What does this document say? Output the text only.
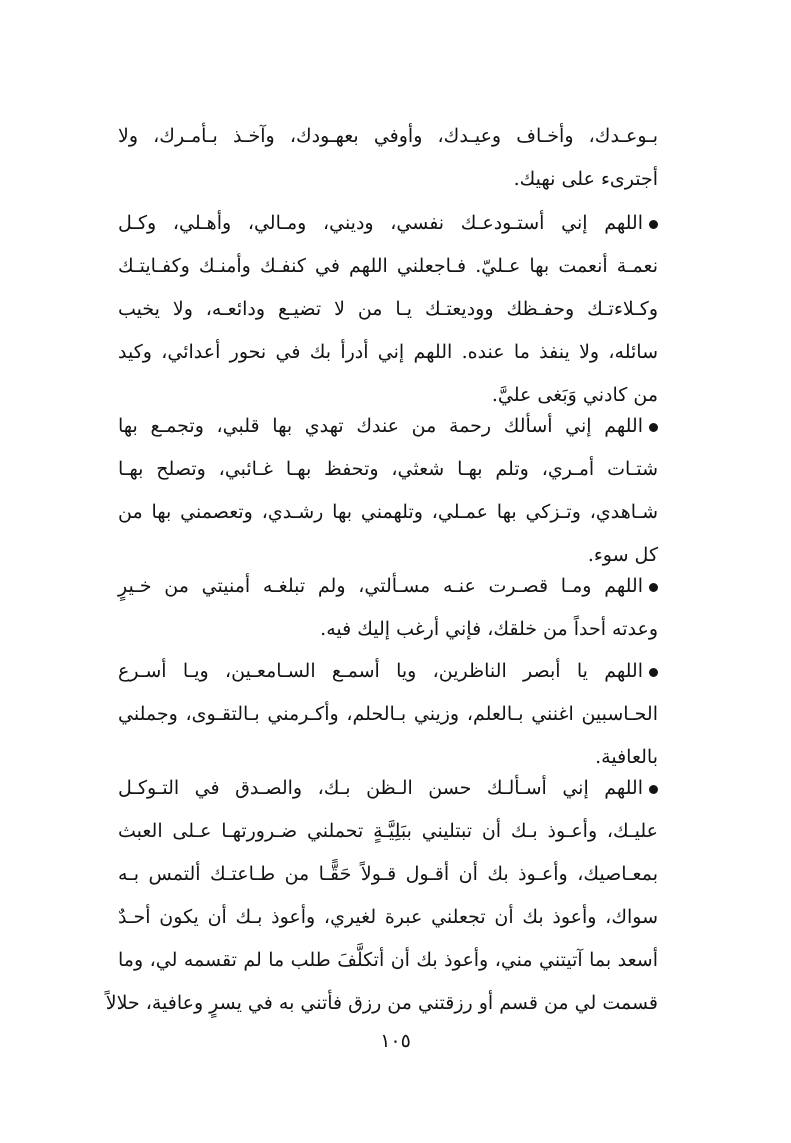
بـوعـدك، وأخـاف وعيـدك، وأوفي بعهـودك، وآخـذ بـأمـرك، ولا
أجترىء على نهيك.
اللهم إني أستـودعـك نفسي، وديني، ومـالي، وأهـلي، وكـل
نعمـة أنعمت بها عـليّ. فـاجعلني اللهم في كنفـك وأمنـك وكفـايتـك
وكـلاءتـك وحفـظك ووديعتـك يـا من لا تضيـع ودائعـه، ولا يخيب
سائله، ولا ينفذ ما عنده. اللهم إني أدرأ بك في نحور أعدائي، وكيد
من كادني وَبَغى عليَّ.
اللهم إني أسألك رحمة من عندك تهدي بها قلبي، وتجمـع بها
شتـات أمـري، وتلم بهـا شعثي، وتحفظ بهـا غـائبي، وتصلح بهـا
شـاهدي، وتـزكي بها عمـلي، وتلهمني بها رشـدي، وتعصمني بها من
كل سوء.
اللهم ومـا قصـرت عنـه مسـألتي، ولم تبلغـه أمنيتي من خـيرٍ
وعدته أحداً من خلقك، فإني أرغب إليك فيه.
اللهم يا أبصر الناظرين، ويا أسمـع السـامعـين، ويـا أسـرع
الحـاسبين اغنني بـالعلم، وزيني بـالحلم، وأكـرمني بـالتقـوى، وجملني
بالعافية.
اللهم إني أسـألـك حسن الـظن بـك، والصـدق في التـوكـل
عليـك، وأعـوذ بـك أن تبتليني ببَلِيَّـةٍ تحملني ضـرورتهـا عـلى العبث
بمعـاصيك، وأعـوذ بك أن أقـول قـولاً حَقًّـا من طـاعتـك ألتمس بـه
سواك، وأعوذ بك أن تجعلني عبرة لغيري، وأعوذ بـك أن يكون أحـدٌ
أسعد بما آتيتني مني، وأعوذ بك أن أتكلَّفَ طلب ما لم تقسمه لي، وما
قسمت لي من قسم أو رزقتني من رزق فأتني به في يسرٍ وعافية، حلالاً
١٠٥
